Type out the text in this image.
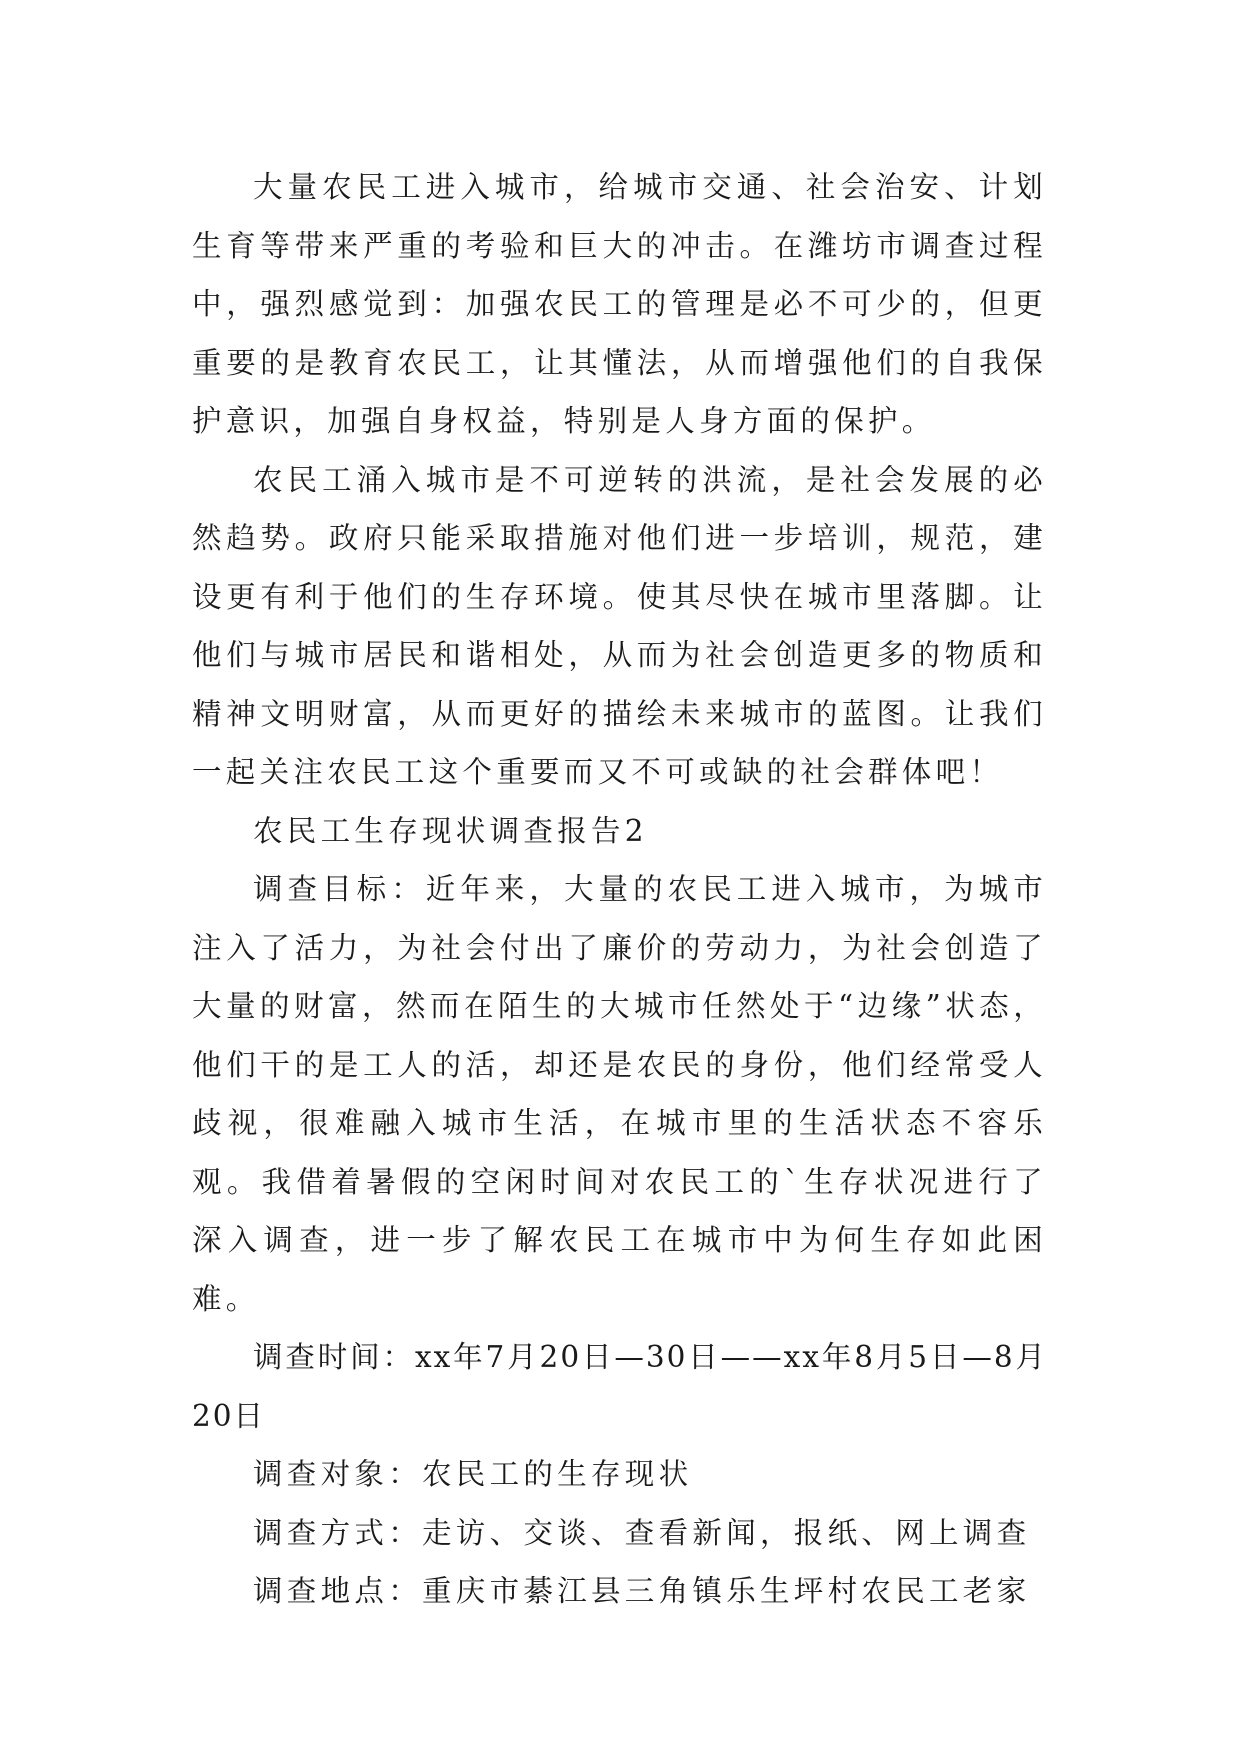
大量农民工进入城市，给城市交通、社会治安、计划生育等带来严重的考验和巨大的冲击。在潍坊市调查过程中，强烈感觉到：加强农民工的管理是必不可少的，但更重要的是教育农民工，让其懂法，从而增强他们的自我保护意识，加强自身权益，特别是人身方面的保护。

农民工涌入城市是不可逆转的洪流，是社会发展的必然趋势。政府只能采取措施对他们进一步培训，规范，建设更有利于他们的生存环境。使其尽快在城市里落脚。让他们与城市居民和谐相处，从而为社会创造更多的物质和精神文明财富，从而更好的描绘未来城市的蓝图。让我们一起关注农民工这个重要而又不可或缺的社会群体吧！

农民工生存现状调查报告2

调查目标：近年来，大量的农民工进入城市，为城市注入了活力，为社会付出了廉价的劳动力，为社会创造了大量的财富，然而在陌生的大城市任然处于“边缘”状态，他们干的是工人的活，却还是农民的身份，他们经常受人歧视，很难融入城市生活，在城市里的生活状态不容乐观。我借着暑假的空闲时间对农民工的`生存状况进行了深入调查，进一步了解农民工在城市中为何生存如此困难。

调查时间：xx年7月20日—30日——xx年8月5日—8月20日

调查对象：农民工的生存现状

调查方式：走访、交谈、查看新闻，报纸、网上调查

调查地点：重庆市綦江县三角镇乐生坪村农民工老家
